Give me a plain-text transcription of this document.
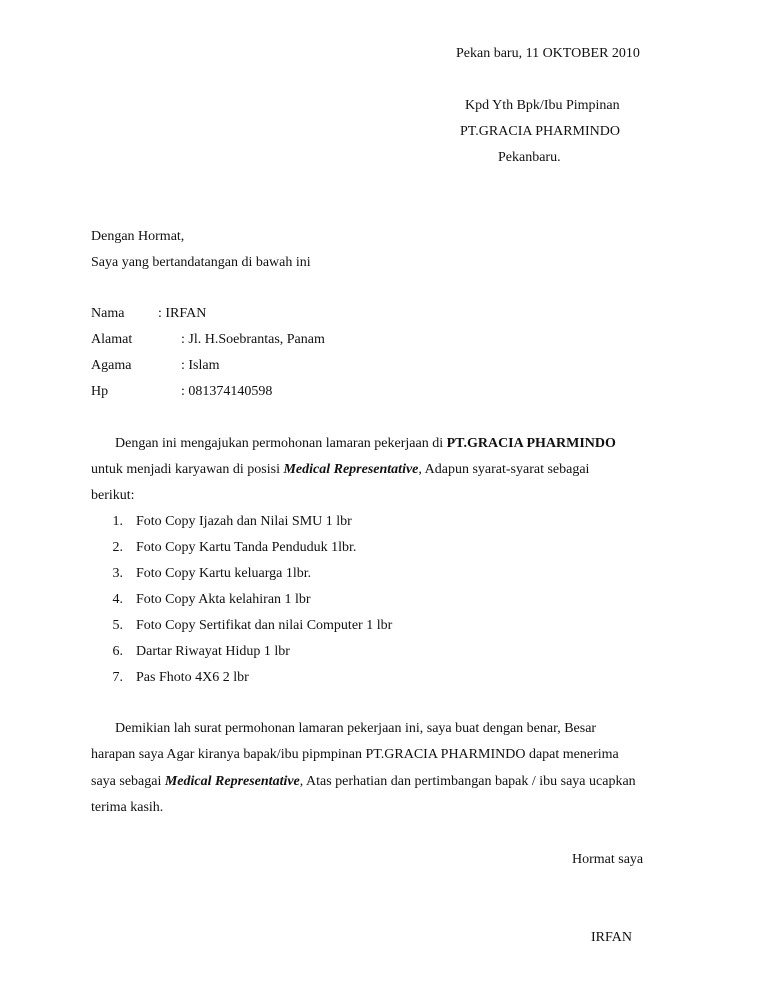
Pekan baru, 11 OKTOBER 2010
Kpd Yth Bpk/Ibu Pimpinan
PT.GRACIA PHARMINDO
Pekanbaru.
Dengan Hormat,
Saya yang bertandatangan di bawah ini
Nama : IRFAN
Alamat	: Jl. H.Soebrantas, Panam
Agama	: Islam
Hp	: 081374140598
Dengan ini mengajukan permohonan lamaran pekerjaan di PT.GRACIA PHARMINDO
untuk menjadi karyawan di posisi Medical Representative, Adapun syarat-syarat sebagai
berikut:
1. Foto Copy Ijazah dan Nilai SMU 1 lbr
2. Foto Copy Kartu Tanda Penduduk 1lbr.
3. Foto Copy Kartu keluarga 1lbr.
4. Foto Copy Akta kelahiran 1 lbr
5. Foto Copy Sertifikat dan nilai Computer 1 lbr
6. Dartar Riwayat Hidup 1 lbr
7. Pas Fhoto 4X6 2 lbr
Demikian lah surat permohonan lamaran pekerjaan ini, saya buat dengan benar, Besar
harapan saya Agar kiranya bapak/ibu pipmpinan PT.GRACIA PHARMINDO dapat menerima
saya sebagai Medical Representative, Atas perhatian dan pertimbangan bapak / ibu saya ucapkan
terima kasih.
Hormat saya
IRFAN
